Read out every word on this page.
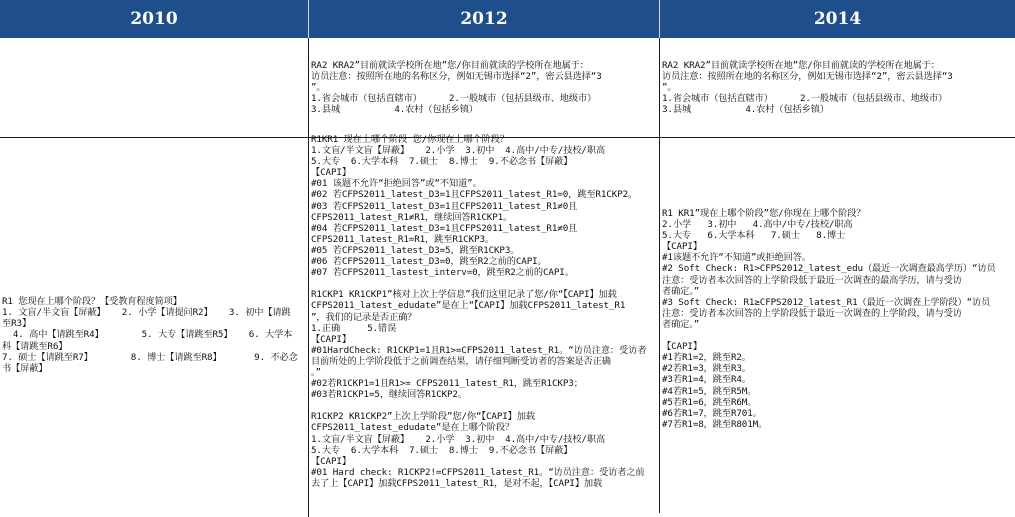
2010	2012	2014
RA2 KRA2”目前就读学校所在地”您/你目前就读的学校所在地属于：
访员注意：按照所在地的名称区分，例如无锡市选择“2”，密云县选择“3
”。
1.省会城市（包括直辖市）     2.一般城市（包括县级市、地级市）
3.县城          4.农村（包括乡镇）
RA2 KRA2”目前就读学校所在地”您/你目前就读的学校所在地属于：
访员注意：按照所在地的名称区分，例如无锡市选择“2”，密云县选择“3
”。
1.省会城市（包括直辖市）     2.一般城市（包括县级市、地级市）
3.县城          4.农村（包括乡镇）
R1 您现在上哪个阶段？【受教育程度简项】
1. 文盲/半文盲【屏蔽】   2. 小学【请提问R2】   3. 初中【请跳
至R3】
4. 高中【请跳至R4】       5. 大专【请跳至R5】   6. 大学本
科【请跳至R6】
7. 硕士【请跳至R7】       8. 博士【请跳至R8】      9. 不必念
书【屏蔽】
R1KR1 现在上哪个阶段 您/你现在上哪个阶段？
1.文盲/半文盲【屏蔽】   2.小学  3.初中  4.高中/中专/技校/职高
5.大专  6.大学本科  7.硕士  8.博士  9.不必念书【屏蔽】
【CAPI】
#01 该题不允许“拒绝回答”或“不知道”。
#02 若CFPS2011_latest_D3=1且CFPS2011_latest_R1=0，跳至R1CKP2。
#03 若CFPS2011_latest_D3=1且CFPS2011_latest_R1≠0且
CFPS2011_latest_R1≠R1，继续回答R1CKP1。
#04 若CFPS2011_latest_D3=1且CFPS2011_latest_R1≠0且
CFPS2011_latest_R1=R1，跳至R1CKP3。
#05 若CFPS2011_latest_D3=5，跳至R1CKP3。
#06 若CFPS2011_latest_D3=0，跳至R2之前的CAPI。
#07 若CFPS2011_lastest_interv=0，跳至R2之前的CAPI。

R1CKP1 KR1CKP1”核对上次上学信息”我们这里记录了您/你“【CAPI】加载
CFPS2011_latest_edudate”是在上“【CAPI】加载CFPS2011_latest_R1
”，我们的记录是否正确？
1.正确     5.错误
【CAPI】
#01HardCheck: R1CKP1=1且R1>=CFPS2011_latest_R1。“访员注意：受访者
目前所处的上学阶段低于之前调查结果，请仔细判断受访者的答案是否正确
。”
#02若R1CKP1=1且R1>= CFPS2011_latest_R1，跳至R1CKP3；
#03若R1CKP1=5，继续回答R1CKP2。

R1CKP2 KR1CKP2”上次上学阶段”您/你“【CAPI】加载
CFPS2011_latest_edudate”是在上哪个阶段？
1.文盲/半文盲【屏蔽】   2.小学  3.初中  4.高中/中专/技校/职高
5.大专  6.大学本科  7.硕士  8.博士  9.不必念书【屏蔽】
【CAPI】
#01 Hard check: R1CKP2!=CFPS2011_latest_R1。“访员注意：受访者之前
去了上【CAPI】加载CFPS2011_latest_R1，是对不起，【CAPI】加载
R1 KR1”现在上哪个阶段”您/你现在上哪个阶段？
2.小学   3.初中   4.高中/中专/技校/职高
5.大专   6.大学本科   7.硕士   8.博士
【CAPI】
#1该题不允许“不知道”或拒绝回答。
#2 Soft Check: R1>CFPS2012_latest_edu（最近一次调查最高学历）“访员
注意：受访者本次回答的上学阶段低于最近一次调查的最高学历，请与受访
者确定。”
#3 Soft Check: R1≥CFPS2012_latest_R1（最近一次调查上学阶段）“访员
注意：受访者本次回答的上学阶段低于最近一次调查的上学阶段，请与受访
者确定。”

【CAPI】
#1若R1=2，跳至R2。
#2若R1=3，跳至R3。
#3若R1=4，跳至R4。
#4若R1=5，跳至R5M。
#5若R1=6，跳至R6M。
#6若R1=7，跳至R701。
#7若R1=8，跳至R801M。
